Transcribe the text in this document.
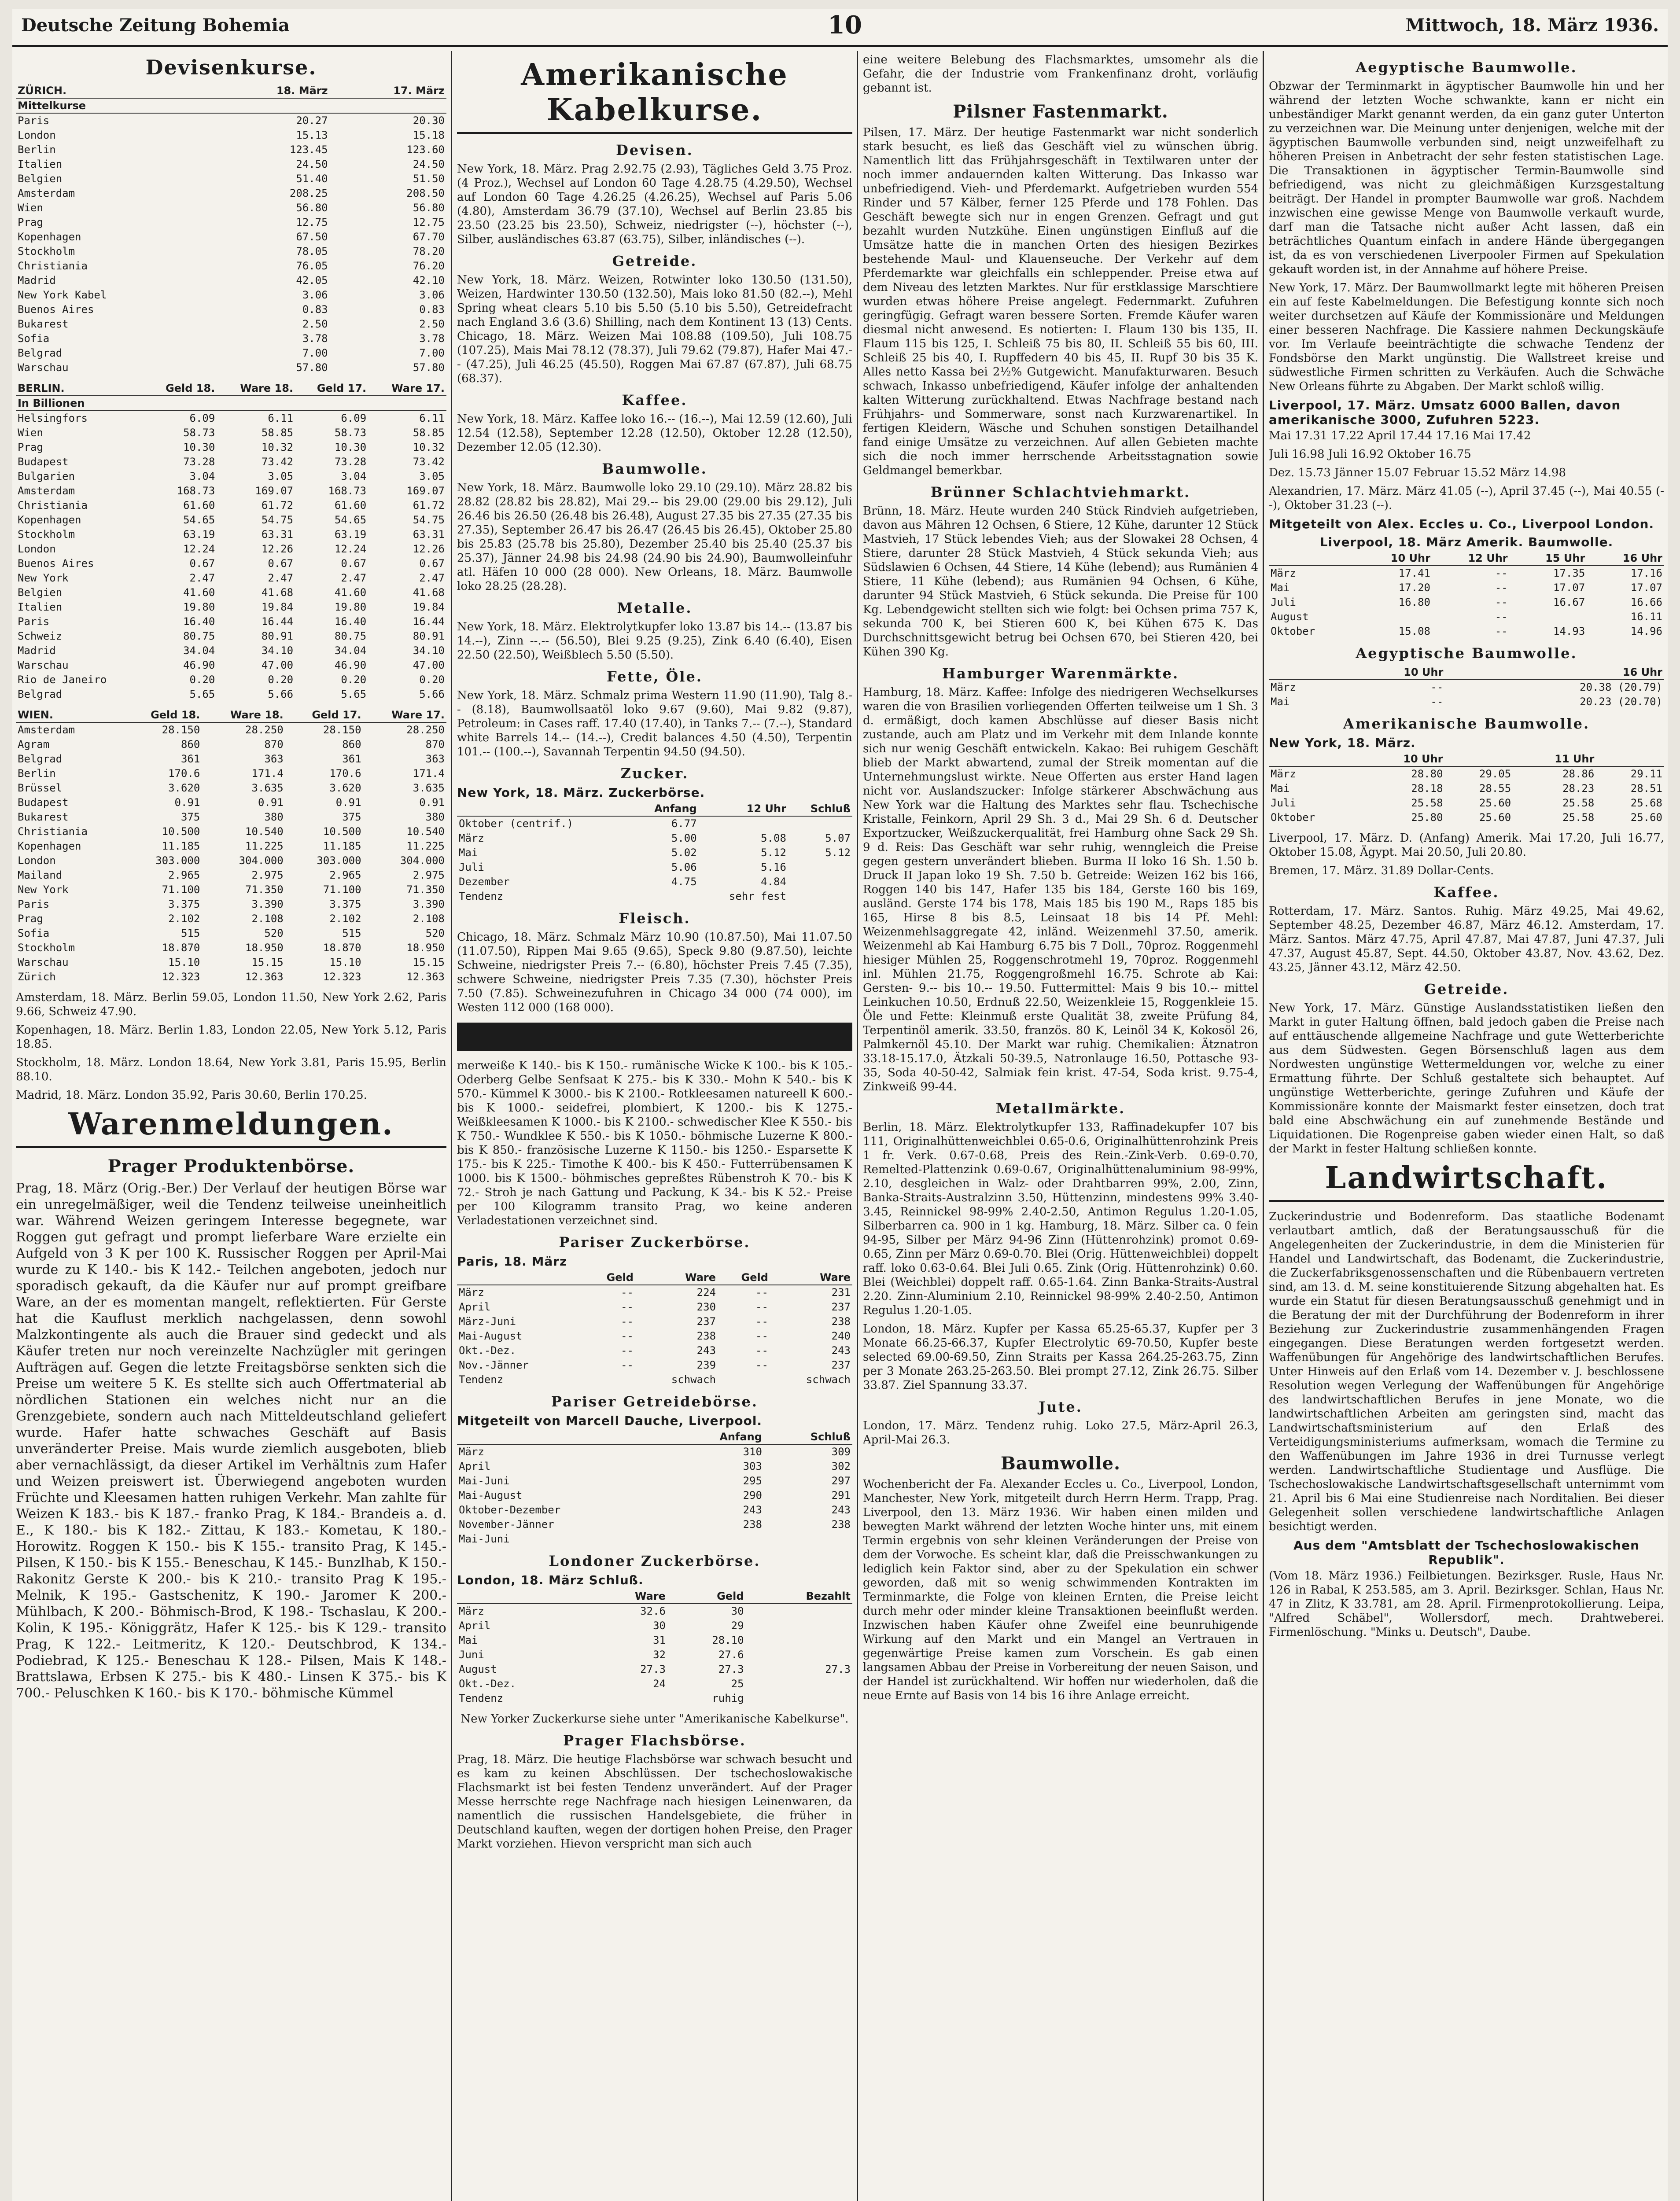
Deutsche Zeitung Bohemia	10	Mittwoch, 18. März 1936.
Devisenkurse.
ZÜRICH.	18. März	17. März
Mittelkurse		
Paris	20.27	20.30
London	15.13	15.18
Berlin	123.45	123.60
Italien	24.50	24.50
Belgien	51.40	51.50
Amsterdam	208.25	208.50
Wien	56.80	56.80
Prag	12.75	12.75
Kopenhagen	67.50	67.70
Stockholm	78.05	78.20
Christiania	76.05	76.20
Madrid	42.05	42.10
New York Kabel	3.06	3.06
Buenos Aires	0.83	0.83
Bukarest	2.50	2.50
Sofia	3.78	3.78
Belgrad	7.00	7.00
Warschau	57.80	57.80
BERLIN.	Geld 18.	Ware 18.	Geld 17.	Ware 17.
In Billionen				
Helsingfors	6.09	6.11	6.09	6.11
Wien	58.73	58.85	58.73	58.85
Prag	10.30	10.32	10.30	10.32
Budapest	73.28	73.42	73.28	73.42
Bulgarien	3.04	3.05	3.04	3.05
Amsterdam	168.73	169.07	168.73	169.07
Christiania	61.60	61.72	61.60	61.72
Kopenhagen	54.65	54.75	54.65	54.75
Stockholm	63.19	63.31	63.19	63.31
London	12.24	12.26	12.24	12.26
Buenos Aires	0.67	0.67	0.67	0.67
New York	2.47	2.47	2.47	2.47
Belgien	41.60	41.68	41.60	41.68
Italien	19.80	19.84	19.80	19.84
Paris	16.40	16.44	16.40	16.44
Schweiz	80.75	80.91	80.75	80.91
Madrid	34.04	34.10	34.04	34.10
Warschau	46.90	47.00	46.90	47.00
Rio de Janeiro	0.20	0.20	0.20	0.20
Belgrad	5.65	5.66	5.65	5.66
WIEN.	Geld 18.	Ware 18.	Geld 17.	Ware 17.
Amsterdam	28.150	28.250	28.150	28.250
Agram	860	870	860	870
Belgrad	361	363	361	363
Berlin	170.6	171.4	170.6	171.4
Brüssel	3.620	3.635	3.620	3.635
Budapest	0.91	0.91	0.91	0.91
Bukarest	375	380	375	380
Christiania	10.500	10.540	10.500	10.540
Kopenhagen	11.185	11.225	11.185	11.225
London	303.000	304.000	303.000	304.000
Mailand	2.965	2.975	2.965	2.975
New York	71.100	71.350	71.100	71.350
Paris	3.375	3.390	3.375	3.390
Prag	2.102	2.108	2.102	2.108
Sofia	515	520	515	520
Stockholm	18.870	18.950	18.870	18.950
Warschau	15.10	15.15	15.10	15.15
Zürich	12.323	12.363	12.323	12.363

Amsterdam, 18. März. Berlin 59.05, London 11.50, New York 2.62, Paris 9.66, Schweiz 47.90.

Kopenhagen, 18. März. Berlin 1.83, London 22.05, New York 5.12, Paris 18.85.

Stockholm, 18. März. London 18.64, New York 3.81, Paris 15.95, Berlin 88.10.

Madrid, 18. März. London 35.92, Paris 30.60, Berlin 170.25.

Warenmeldungen.
Prager Produktenbörse.

Prag, 18. März (Orig.-Ber.) Der Verlauf der heutigen Börse war ein unregelmäßiger, weil die Tendenz teilweise uneinheitlich war. Während Weizen geringem Interesse begegnete, war Roggen gut gefragt und prompt lieferbare Ware erzielte ein Aufgeld von 3 K per 100 K. Russischer Roggen per April-Mai wurde zu K 140.- bis K 142.- Teilchen angeboten, jedoch nur sporadisch gekauft, da die Käufer nur auf prompt greifbare Ware, an der es momentan mangelt, reflektierten. Für Gerste hat die Kauflust merklich nachgelassen, denn sowohl Malzkontingente als auch die Brauer sind gedeckt und als Käufer treten nur noch vereinzelte Nachzügler mit geringen Aufträgen auf. Gegen die letzte Freitagsbörse senkten sich die Preise um weitere 5 K. Es stellte sich auch Offertmaterial ab nördlichen Stationen ein welches nicht nur an die Grenzgebiete, sondern auch nach Mitteldeutschland geliefert wurde. Hafer hatte schwaches Geschäft auf Basis unveränderter Preise. Mais wurde ziemlich ausgeboten, blieb aber vernachlässigt, da dieser Artikel im Verhältnis zum Hafer und Weizen preiswert ist. Überwiegend angeboten wurden Früchte und Kleesamen hatten ruhigen Verkehr. Man zahlte für Weizen K 183.- bis K 187.- franko Prag, K 184.- Brandeis a. d. E., K 180.- bis K 182.- Zittau, K 183.- Kometau, K 180.- Horowitz. Roggen K 150.- bis K 155.- transito Prag, K 145.- Pilsen, K 150.- bis K 155.- Beneschau, K 145.- Bunzlhab, K 150.- Rakonitz Gerste K 200.- bis K 210.- transito Prag K 195.- Melnik, K 195.- Gastschenitz, K 190.- Jaromer K 200.- Mühlbach, K 200.- Böhmisch-Brod, K 198.- Tschaslau, K 200.- Kolin, K 195.- Königgrätz, Hafer K 125.- bis K 129.- transito Prag, K 122.- Leitmeritz, K 120.- Deutschbrod, K 134.- Podiebrad, K 125.- Beneschau K 128.- Pilsen, Mais K 148.- Brattslawa, Erbsen K 275.- bis K 480.- Linsen K 375.- bis K 700.- Peluschken K 160.- bis K 170.- böhmische Kümmel

Amerikanische Kabelkurse.
Devisen.

New York, 18. März. Prag 2.92.75 (2.93), Tägliches Geld 3.75 Proz. (4 Proz.), Wechsel auf London 60 Tage 4.28.75 (4.29.50), Wechsel auf London 60 Tage 4.26.25 (4.26.25), Wechsel auf Paris 5.06 (4.80), Amsterdam 36.79 (37.10), Wechsel auf Berlin 23.85 bis 23.50 (23.25 bis 23.50), Schweiz, niedrigster (--), höchster (--), Silber, ausländisches 63.87 (63.75), Silber, inländisches (--).

Getreide.

New York, 18. März. Weizen, Rotwinter loko 130.50 (131.50), Weizen, Hardwinter 130.50 (132.50), Mais loko 81.50 (82.--), Mehl Spring wheat clears 5.10 bis 5.50 (5.10 bis 5.50), Getreidefracht nach England 3.6 (3.6) Shilling, nach dem Kontinent 13 (13) Cents. Chicago, 18. März. Weizen Mai 108.88 (109.50), Juli 108.75 (107.25), Mais Mai 78.12 (78.37), Juli 79.62 (79.87), Hafer Mai 47.-- (47.25), Juli 46.25 (45.50), Roggen Mai 67.87 (67.87), Juli 68.75 (68.37).

Kaffee.

New York, 18. März. Kaffee loko 16.-- (16.--), Mai 12.59 (12.60), Juli 12.54 (12.58), September 12.28 (12.50), Oktober 12.28 (12.50), Dezember 12.05 (12.30).

Baumwolle.

New York, 18. März. Baumwolle loko 29.10 (29.10). März 28.82 bis 28.82 (28.82 bis 28.82), Mai 29.-- bis 29.00 (29.00 bis 29.12), Juli 26.46 bis 26.50 (26.48 bis 26.48), August 27.35 bis 27.35 (27.35 bis 27.35), September 26.47 bis 26.47 (26.45 bis 26.45), Oktober 25.80 bis 25.83 (25.78 bis 25.80), Dezember 25.40 bis 25.40 (25.37 bis 25.37), Jänner 24.98 bis 24.98 (24.90 bis 24.90), Baumwolleinfuhr atl. Häfen 10 000 (28 000). New Orleans, 18. März. Baumwolle loko 28.25 (28.28).

Metalle.

New York, 18. März. Elektrolytkupfer loko 13.87 bis 14.-- (13.87 bis 14.--), Zinn --.-- (56.50), Blei 9.25 (9.25), Zink 6.40 (6.40), Eisen 22.50 (22.50), Weißblech 5.50 (5.50).

Fette, Öle.

New York, 18. März. Schmalz prima Western 11.90 (11.90), Talg 8.-- (8.18), Baumwollsaatöl loko 9.67 (9.60), Mai 9.82 (9.87), Petroleum: in Cases raff. 17.40 (17.40), in Tanks 7.-- (7.--), Standard white Barrels 14.-- (14.--), Credit balances 4.50 (4.50), Terpentin 101.-- (100.--), Savannah Terpentin 94.50 (94.50).

Zucker.
New York, 18. März. Zuckerbörse.
	Anfang	12 Uhr	Schluß
Oktober (centrif.)	6.77		
März	5.00	5.08	5.07
Mai	5.02	5.12	5.12
Juli	5.06	5.16	
Dezember	4.75	4.84	
Tendenz		sehr fest	
Fleisch.

Chicago, 18. März. Schmalz März 10.90 (10.87.50), Mai 11.07.50 (11.07.50), Rippen Mai 9.65 (9.65), Speck 9.80 (9.87.50), leichte Schweine, niedrigster Preis 7.-- (6.80), höchster Preis 7.45 (7.35), schwere Schweine, niedrigster Preis 7.35 (7.30), höchster Preis 7.50 (7.85). Schweinezufuhren in Chicago 34 000 (74 000), im Westen 112 000 (168 000).

merweiße K 140.- bis K 150.- rumänische Wicke K 100.- bis K 105.- Oderberg Gelbe Senfsaat K 275.- bis K 330.- Mohn K 540.- bis K 570.- Kümmel K 3000.- bis K 2100.- Rotkleesamen natureell K 600.- bis K 1000.- seidefrei, plombiert, K 1200.- bis K 1275.- Weißkleesamen K 1000.- bis K 2100.- schwedischer Klee K 550.- bis K 750.- Wundklee K 550.- bis K 1050.- böhmische Luzerne K 800.- bis K 850.- französische Luzerne K 1150.- bis 1250.- Esparsette K 175.- bis K 225.- Timothe K 400.- bis K 450.- Futterrübensamen K 1000. bis K 1500.- böhmisches gepreßtes Rübenstroh K 70.- bis K 72.- Stroh je nach Gattung und Packung, K 34.- bis K 52.- Preise per 100 Kilogramm transito Prag, wo keine anderen Verladestationen verzeichnet sind.

Pariser Zuckerbörse.
Paris, 18. März
	Geld	Ware	Geld	Ware
März	--	224	--	231
April	--	230	--	237
März-Juni	--	237	--	238
Mai-August	--	238	--	240
Okt.-Dez.	--	243	--	243
Nov.-Jänner	--	239	--	237
Tendenz		schwach		schwach
Pariser Getreidebörse.
Mitgeteilt von Marcell Dauche, Liverpool.
	Anfang	Schluß
März	310	309
April	303	302
Mai-Juni	295	297
Mai-August	290	291
Oktober-Dezember	243	243
November-Jänner	238	238
Mai-Juni		
Londoner Zuckerbörse.
London, 18. März Schluß.
	Ware	Geld	Bezahlt
März	32.6	30	
April	30	29	
Mai	31	28.10	
Juni	32	27.6	
August	27.3	27.3	27.3
Okt.-Dez.	24	25	
Tendenz		ruhig	

New Yorker Zuckerkurse siehe unter "Amerikanische Kabelkurse".

Prager Flachsbörse.

Prag, 18. März. Die heutige Flachsbörse war schwach besucht und es kam zu keinen Abschlüssen. Der tschechoslowakische Flachsmarkt ist bei festen Tendenz unverändert. Auf der Prager Messe herrschte rege Nachfrage nach hiesigen Leinenwaren, da namentlich die russischen Handelsgebiete, die früher in Deutschland kauften, wegen der dortigen hohen Preise, den Prager Markt vorziehen. Hievon verspricht man sich auch

eine weitere Belebung des Flachsmarktes, umsomehr als die Gefahr, die der Industrie vom Frankenfinanz droht, vorläufig gebannt ist.

Pilsner Fastenmarkt.

Pilsen, 17. März. Der heutige Fastenmarkt war nicht sonderlich stark besucht, es ließ das Geschäft viel zu wünschen übrig. Namentlich litt das Frühjahrsgeschäft in Textilwaren unter der noch immer andauernden kalten Witterung. Das Inkasso war unbefriedigend. Vieh- und Pferdemarkt. Aufgetrieben wurden 554 Rinder und 57 Kälber, ferner 125 Pferde und 178 Fohlen. Das Geschäft bewegte sich nur in engen Grenzen. Gefragt und gut bezahlt wurden Nutzkühe. Einen ungünstigen Einfluß auf die Umsätze hatte die in manchen Orten des hiesigen Bezirkes bestehende Maul- und Klauenseuche. Der Verkehr auf dem Pferdemarkte war gleichfalls ein schleppender. Preise etwa auf dem Niveau des letzten Marktes. Nur für erstklassige Marschtiere wurden etwas höhere Preise angelegt. Federnmarkt. Zufuhren geringfügig. Gefragt waren bessere Sorten. Fremde Käufer waren diesmal nicht anwesend. Es notierten: I. Flaum 130 bis 135, II. Flaum 115 bis 125, I. Schleiß 75 bis 80, II. Schleiß 55 bis 60, III. Schleiß 25 bis 40, I. Rupffedern 40 bis 45, II. Rupf 30 bis 35 K. Alles netto Kassa bei 2½% Gutgewicht. Manufakturwaren. Besuch schwach, Inkasso unbefriedigend, Käufer infolge der anhaltenden kalten Witterung zurückhaltend. Etwas Nachfrage bestand nach Frühjahrs- und Sommerware, sonst nach Kurzwarenartikel. In fertigen Kleidern, Wäsche und Schuhen sonstigen Detailhandel fand einige Umsätze zu verzeichnen. Auf allen Gebieten machte sich die noch immer herrschende Arbeitsstagnation sowie Geldmangel bemerkbar.

Brünner Schlachtviehmarkt.

Brünn, 18. März. Heute wurden 240 Stück Rindvieh aufgetrieben, davon aus Mähren 12 Ochsen, 6 Stiere, 12 Kühe, darunter 12 Stück Mastvieh, 17 Stück lebendes Vieh; aus der Slowakei 28 Ochsen, 4 Stiere, darunter 28 Stück Mastvieh, 4 Stück sekunda Vieh; aus Südslawien 6 Ochsen, 44 Stiere, 14 Kühe (lebend); aus Rumänien 4 Stiere, 11 Kühe (lebend); aus Rumänien 94 Ochsen, 6 Kühe, darunter 94 Stück Mastvieh, 6 Stück sekunda. Die Preise für 100 Kg. Lebendgewicht stellten sich wie folgt: bei Ochsen prima 757 K, sekunda 700 K, bei Stieren 600 K, bei Kühen 675 K. Das Durchschnittsgewicht betrug bei Ochsen 670, bei Stieren 420, bei Kühen 390 Kg.

Hamburger Warenmärkte.

Hamburg, 18. März. Kaffee: Infolge des niedrigeren Wechselkurses waren die von Brasilien vorliegenden Offerten teilweise um 1 Sh. 3 d. ermäßigt, doch kamen Abschlüsse auf dieser Basis nicht zustande, auch am Platz und im Verkehr mit dem Inlande konnte sich nur wenig Geschäft entwickeln. Kakao: Bei ruhigem Geschäft blieb der Markt abwartend, zumal der Streik momentan auf die Unternehmungslust wirkte. Neue Offerten aus erster Hand lagen nicht vor. Auslandszucker: Infolge stärkerer Abschwächung aus New York war die Haltung des Marktes sehr flau. Tschechische Kristalle, Feinkorn, April 29 Sh. 3 d., Mai 29 Sh. 6 d. Deutscher Exportzucker, Weißzuckerqualität, frei Hamburg ohne Sack 29 Sh. 9 d. Reis: Das Geschäft war sehr ruhig, wenngleich die Preise gegen gestern unverändert blieben. Burma II loko 16 Sh. 1.50 b. Druck II Japan loko 19 Sh. 7.50 b. Getreide: Weizen 162 bis 166, Roggen 140 bis 147, Hafer 135 bis 184, Gerste 160 bis 169, ausländ. Gerste 174 bis 178, Mais 185 bis 190 M., Raps 185 bis 165, Hirse 8 bis 8.5, Leinsaat 18 bis 14 Pf. Mehl: Weizenmehlsaggregate 42, inländ. Weizenmehl 37.50, amerik. Weizenmehl ab Kai Hamburg 6.75 bis 7 Doll., 70proz. Roggenmehl hiesiger Mühlen 25, Roggenschrotmehl 19, 70proz. Roggenmehl inl. Mühlen 21.75, Roggengroßmehl 16.75. Schrote ab Kai: Gersten- 9.-- bis 10.-- 19.50. Futtermittel: Mais 9 bis 10.-- mittel Leinkuchen 10.50, Erdnuß 22.50, Weizenkleie 15, Roggenkleie 15. Öle und Fette: Kleinmuß erste Qualität 38, zweite Prüfung 84, Terpentinöl amerik. 33.50, französ. 80 K, Leinöl 34 K, Kokosöl 26, Palmkernöl 45.10. Der Markt war ruhig. Chemikalien: Ätznatron 33.18-15.17.0, Ätzkali 50-39.5, Natronlauge 16.50, Pottasche 93-35, Soda 40-50-42, Salmiak fein krist. 47-54, Soda krist. 9.75-4, Zinkweiß 99-44.

Metallmärkte.

Berlin, 18. März. Elektrolytkupfer 133, Raffinadekupfer 107 bis 111, Originalhüttenweichblei 0.65-0.6, Originalhüttenrohzink Preis 1 fr. Verk. 0.67-0.68, Preis des Rein.-Zink-Verb. 0.69-0.70, Remelted-Plattenzink 0.69-0.67, Originalhüttenaluminium 98-99%, 2.10, desgleichen in Walz- oder Drahtbarren 99%, 2.00, Zinn, Banka-Straits-Australzinn 3.50, Hüttenzinn, mindestens 99% 3.40-3.45, Reinnickel 98-99% 2.40-2.50, Antimon Regulus 1.20-1.05, Silberbarren ca. 900 in 1 kg. Hamburg, 18. März. Silber ca. 0 fein 94-95, Silber per März 94-96 Zinn (Hüttenrohzink) promot 0.69-0.65, Zinn per März 0.69-0.70. Blei (Orig. Hüttenweichblei) doppelt raff. loko 0.63-0.64. Blei Juli 0.65. Zink (Orig. Hüttenrohzink) 0.60. Blei (Weichblei) doppelt raff. 0.65-1.64. Zinn Banka-Straits-Austral 2.20. Zinn-Aluminium 2.10, Reinnickel 98-99% 2.40-2.50, Antimon Regulus 1.20-1.05.

London, 18. März. Kupfer per Kassa 65.25-65.37, Kupfer per 3 Monate 66.25-66.37, Kupfer Electrolytic 69-70.50, Kupfer beste selected 69.00-69.50, Zinn Straits per Kassa 264.25-263.75, Zinn per 3 Monate 263.25-263.50. Blei prompt 27.12, Zink 26.75. Silber 33.87. Ziel Spannung 33.37.

Jute.

London, 17. März. Tendenz ruhig. Loko 27.5, März-April 26.3, April-Mai 26.3.

Baumwolle.

Wochenbericht der Fa. Alexander Eccles u. Co., Liverpool, London, Manchester, New York, mitgeteilt durch Herrn Herm. Trapp, Prag. Liverpool, den 13. März 1936. Wir haben einen milden und bewegten Markt während der letzten Woche hinter uns, mit einem Termin ergebnis von sehr kleinen Veränderungen der Preise von dem der Vorwoche. Es scheint klar, daß die Preisschwankungen zu lediglich kein Faktor sind, aber zu der Spekulation ein schwer geworden, daß mit so wenig schwimmenden Kontrakten im Terminmarkte, die Folge von kleinen Ernten, die Preise leicht durch mehr oder minder kleine Transaktionen beeinflußt werden. Inzwischen haben Käufer ohne Zweifel eine beunruhigende Wirkung auf den Markt und ein Mangel an Vertrauen in gegenwärtige Preise kamen zum Vorschein. Es gab einen langsamen Abbau der Preise in Vorbereitung der neuen Saison, und der Handel ist zurückhaltend. Wir hoffen nur wiederholen, daß die neue Ernte auf Basis von 14 bis 16 ihre Anlage erreicht.

Aegyptische Baumwolle.

Obzwar der Terminmarkt in ägyptischer Baumwolle hin und her während der letzten Woche schwankte, kann er nicht ein unbeständiger Markt genannt werden, da ein ganz guter Unterton zu verzeichnen war. Die Meinung unter denjenigen, welche mit der ägyptischen Baumwolle verbunden sind, neigt unzweifelhaft zu höheren Preisen in Anbetracht der sehr festen statistischen Lage. Die Transaktionen in ägyptischer Termin-Baumwolle sind befriedigend, was nicht zu gleichmäßigen Kurzsgestaltung beiträgt. Der Handel in prompter Baumwolle war groß. Nachdem inzwischen eine gewisse Menge von Baumwolle verkauft wurde, darf man die Tatsache nicht außer Acht lassen, daß ein beträchtliches Quantum einfach in andere Hände übergegangen ist, da es von verschiedenen Liverpooler Firmen auf Spekulation gekauft worden ist, in der Annahme auf höhere Preise.

New York, 17. März. Der Baumwollmarkt legte mit höheren Preisen ein auf feste Kabelmeldungen. Die Befestigung konnte sich noch weiter durchsetzen auf Käufe der Kommissionäre und Meldungen einer besseren Nachfrage. Die Kassiere nahmen Deckungskäufe vor. Im Verlaufe beeinträchtigte die schwache Tendenz der Fondsbörse den Markt ungünstig. Die Wallstreet kreise und südwestliche Firmen schritten zu Verkäufen. Auch die Schwäche New Orleans führte zu Abgaben. Der Markt schloß willig.

Liverpool, 17. März. Umsatz 6000 Ballen, davon amerikanische 3000, Zufuhren 5223.

Mai 17.31 17.22 April 17.44 17.16 Mai 17.42

Juli 16.98 Juli 16.92 Oktober 16.75

Dez. 15.73 Jänner 15.07 Februar 15.52 März 14.98

Alexandrien, 17. März. März 41.05 (--), April 37.45 (--), Mai 40.55 (--), Oktober 31.23 (--).

Mitgeteilt von Alex. Eccles u. Co., Liverpool London.
Liverpool, 18. März Amerik. Baumwolle.
	10 Uhr	12 Uhr	15 Uhr	16 Uhr
März	17.41	--	17.35	17.16
Mai	17.20	--	17.07	17.07
Juli	16.80	--	16.67	16.66
August		--		16.11
Oktober	15.08	--	14.93	14.96
Aegyptische Baumwolle.
	10 Uhr		16 Uhr
März	--		20.38 (20.79)
Mai	--		20.23 (20.70)
Amerikanische Baumwolle.
New York, 18. März.
	10 Uhr		11 Uhr	
März	28.80	29.05	28.86	29.11
Mai	28.18	28.55	28.23	28.51
Juli	25.58	25.60	25.58	25.68
Oktober	25.80	25.60	25.58	25.60

Liverpool, 17. März. D. (Anfang) Amerik. Mai 17.20, Juli 16.77, Oktober 15.08, Ägypt. Mai 20.50, Juli 20.80.

Bremen, 17. März. 31.89 Dollar-Cents.

Kaffee.

Rotterdam, 17. März. Santos. Ruhig. März 49.25, Mai 49.62, September 48.25, Dezember 46.87, März 46.12. Amsterdam, 17. März. Santos. März 47.75, April 47.87, Mai 47.87, Juni 47.37, Juli 47.37, August 45.87, Sept. 44.50, Oktober 43.87, Nov. 43.62, Dez. 43.25, Jänner 43.12, März 42.50.

Getreide.

New York, 17. März. Günstige Auslandsstatistiken ließen den Markt in guter Haltung öffnen, bald jedoch gaben die Preise nach auf enttäuschende allgemeine Nachfrage und gute Wetterberichte aus dem Südwesten. Gegen Börsenschluß lagen aus dem Nordwesten ungünstige Wettermeldungen vor, welche zu einer Ermattung führte. Der Schluß gestaltete sich behauptet. Auf ungünstige Wetterberichte, geringe Zufuhren und Käufe der Kommissionäre konnte der Maismarkt fester einsetzen, doch trat bald eine Abschwächung ein auf zunehmende Bestände und Liquidationen. Die Rogenpreise gaben wieder einen Halt, so daß der Markt in fester Haltung schließen konnte.

Landwirtschaft.

Zuckerindustrie und Bodenreform. Das staatliche Bodenamt verlautbart amtlich, daß der Beratungsausschuß für die Angelegenheiten der Zuckerindustrie, in dem die Ministerien für Handel und Landwirtschaft, das Bodenamt, die Zuckerindustrie, die Zuckerfabriksgenossenschaften und die Rübenbauern vertreten sind, am 13. d. M. seine konstituierende Sitzung abgehalten hat. Es wurde ein Statut für diesen Beratungsausschuß genehmigt und in die Beratung der mit der Durchführung der Bodenreform in ihrer Beziehung zur Zuckerindustrie zusammenhängenden Fragen eingegangen. Diese Beratungen werden fortgesetzt werden. Waffenübungen für Angehörige des landwirtschaftlichen Berufes. Unter Hinweis auf den Erlaß vom 14. Dezember v. J. beschlossene Resolution wegen Verlegung der Waffenübungen für Angehörige des landwirtschaftlichen Berufes in jene Monate, wo die landwirtschaftlichen Arbeiten am geringsten sind, macht das Landwirtschaftsministerium auf den Erlaß des Verteidigungsministeriums aufmerksam, womach die Termine zu den Waffenübungen im Jahre 1936 in drei Turnusse verlegt werden. Landwirtschaftliche Studientage und Ausflüge. Die Tschechoslowakische Landwirtschaftsgesellschaft unternimmt vom 21. April bis 6 Mai eine Studienreise nach Norditalien. Bei dieser Gelegenheit sollen verschiedene landwirtschaftliche Anlagen besichtigt werden.

Aus dem "Amtsblatt der Tschechoslowakischen Republik".

(Vom 18. März 1936.) Feilbietungen. Bezirksger. Rusle, Haus Nr. 126 in Rabal, K 253.585, am 3. April. Bezirksger. Schlan, Haus Nr. 47 in Zlitz, K 33.781, am 28. April. Firmenprotokollierung. Leipa, "Alfred Schäbel", Wollersdorf, mech. Drahtweberei. Firmenlöschung. "Minks u. Deutsch", Daube.
